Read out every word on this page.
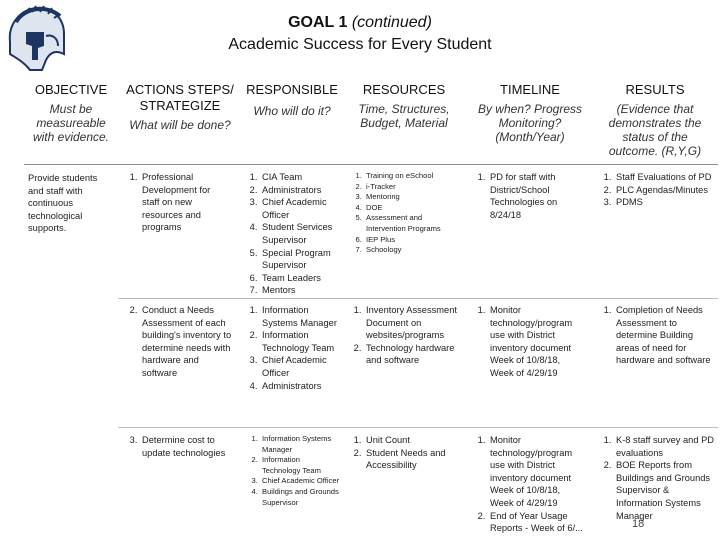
GOAL 1 (continued)
Academic Success for Every Student
OBJECTIVE
Must be measureable with evidence.
ACTIONS STEPS/ STRATEGIZE
What will be done?
RESPONSIBLE
Who will do it?
RESOURCES
Time, Structures, Budget, Material
TIMELINE
By when? Progress Monitoring? (Month/Year)
RESULTS
(Evidence that demonstrates the status of the outcome. (R,Y,G)
Provide students and staff with continuous technological supports.
1. Professional Development for staff on new resources and programs
1. CIA Team
2. Administrators
3. Chief Academic Officer
4. Student Services Supervisor
5. Special Program Supervisor
6. Team Leaders
7. Mentors
1. Training on eSchool
2. i-Tracker
3. Mentoring
4. DOE
5. Assessment and Intervention Programs
6. IEP Plus
7. Schoology
1. PD for staff with District/School Technologies on 8/24/18
1. Staff Evaluations of PD
2. PLC Agendas/Minutes
3. PDMS
2. Conduct a Needs Assessment of each building's inventory to determine needs with hardware and software
1. Information Systems Manager
2. Information Technology Team
3. Chief Academic Officer
4. Administrators
1. Inventory Assessment Document on websites/programs
2. Technology hardware and software
1. Monitor technology/program use with District inventory document Week of 10/8/18, Week of 4/29/19
1. Completion of Needs Assessment to determine Building areas of need for hardware and software
3. Determine cost to update technologies
1. Information Systems Manager
2. Information Technology Team
3. Chief Academic Officer
4. Buildings and Grounds Supervisor
1. Unit Count
2. Student Needs and Accessibility
1. Monitor technology/program use with District inventory document Week of 10/8/18, Week of 4/29/19
2. End of Year Usage Reports - Week of 6/...
1. K-8 staff survey and PD evaluations
2. BOE Reports from Buildings and Grounds Supervisor & Information Systems Manager
18
